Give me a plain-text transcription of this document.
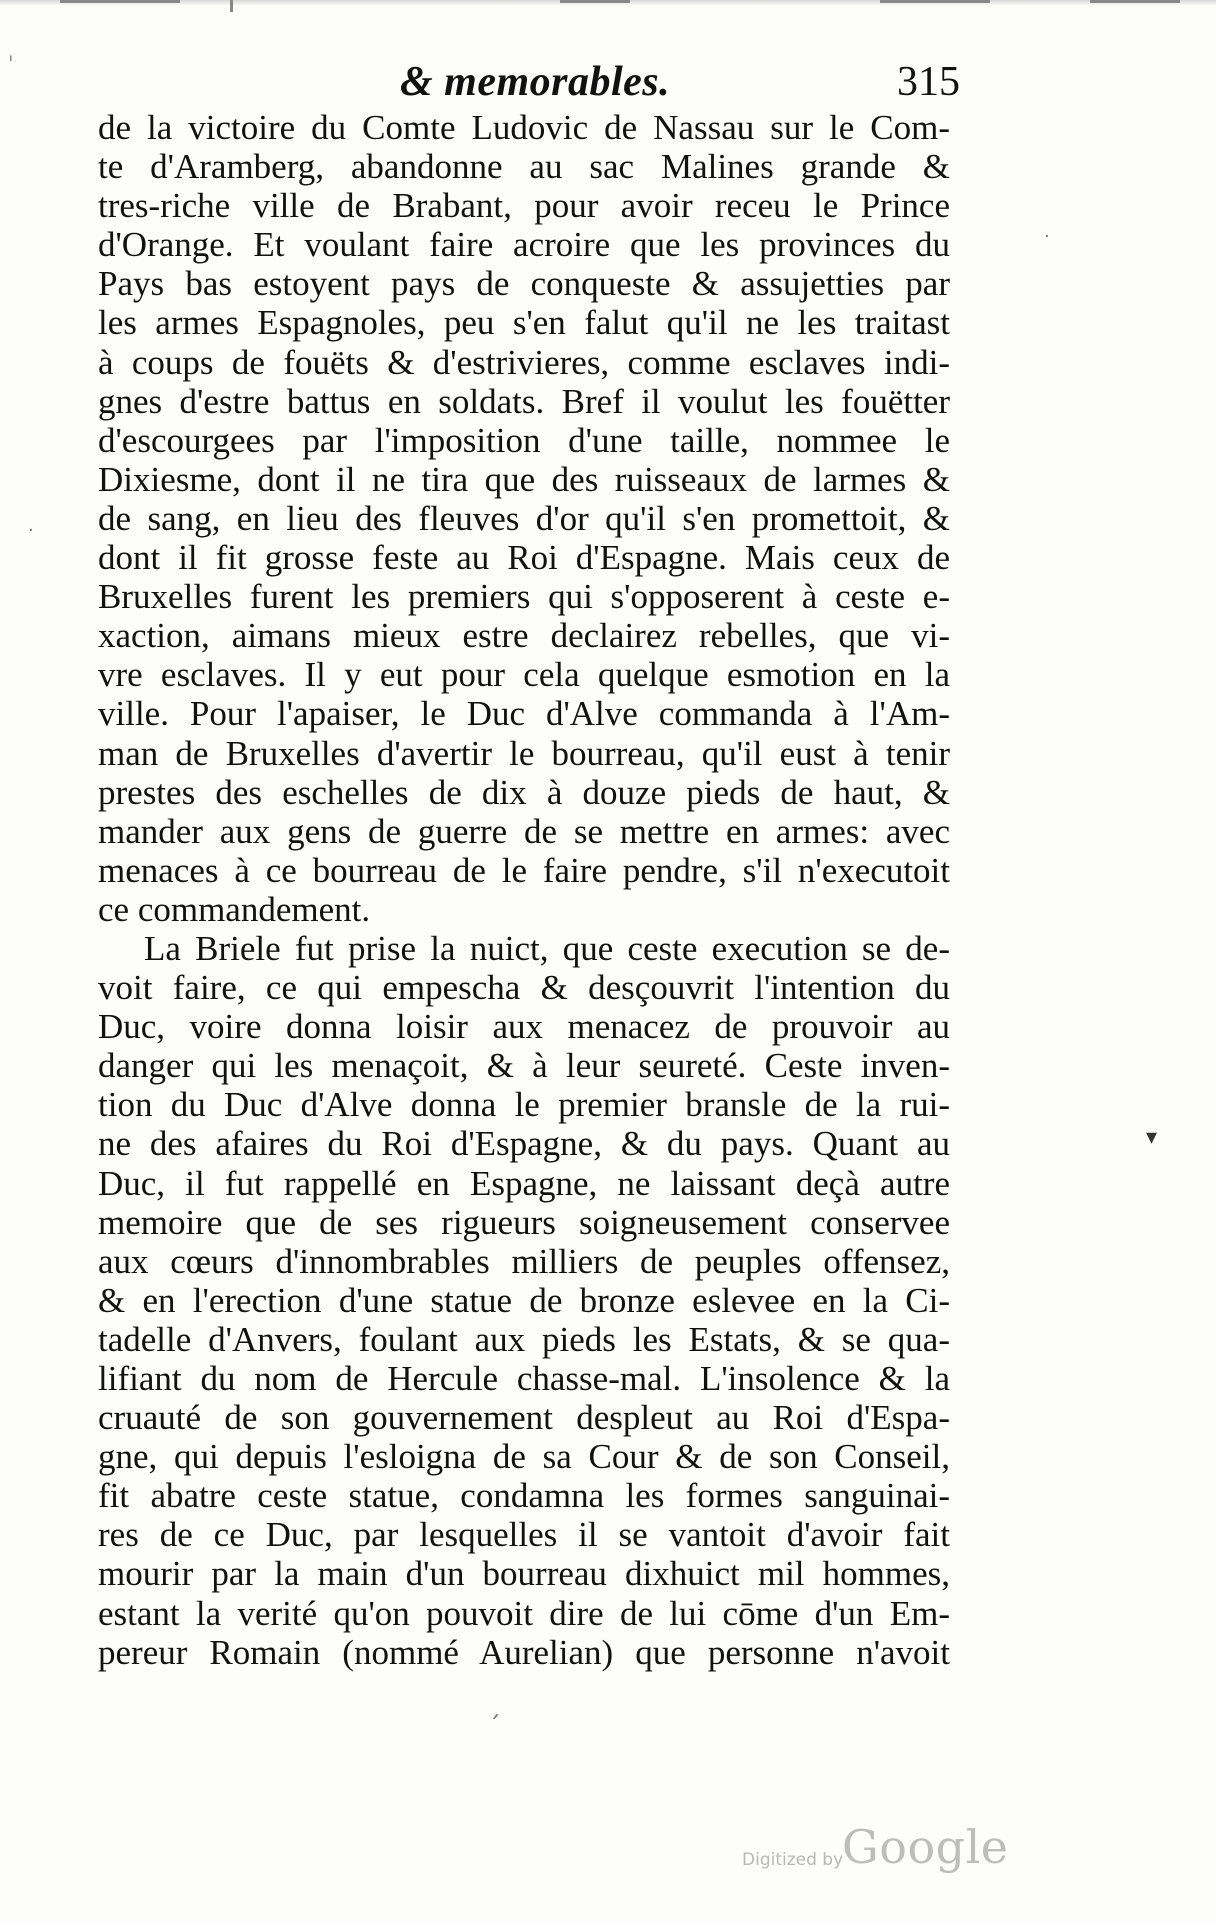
& memorables.	315
de la victoire du Comte Ludovic de Nassau sur le Com-
te d'Aramberg, abandonne au sac Malines grande &
tres-riche ville de Brabant, pour avoir receu le Prince
d'Orange. Et voulant faire acroire que les provinces du
Pays bas estoyent pays de conqueste & assujetties par
les armes Espagnoles, peu s'en falut qu'il ne les traitast
à coups de fouëts & d'estrivieres, comme esclaves indi-
gnes d'estre battus en soldats. Bref il voulut les fouëtter
d'escourgees par l'imposition d'une taille, nommee le
Dixiesme, dont il ne tira que des ruisseaux de larmes &
de sang, en lieu des fleuves d'or qu'il s'en promettoit, &
dont il fit grosse feste au Roi d'Espagne. Mais ceux de
Bruxelles furent les premiers qui s'opposerent à ceste e-
xaction, aimans mieux estre declairez rebelles, que vi-
vre esclaves. Il y eut pour cela quelque esmotion en la
ville. Pour l'apaiser, le Duc d'Alve commanda à l'Am-
man de Bruxelles d'avertir le bourreau, qu'il eust à tenir
prestes des eschelles de dix à douze pieds de haut, &
mander aux gens de guerre de se mettre en armes: avec
menaces à ce bourreau de le faire pendre, s'il n'executoit
ce commandement.
La Briele fut prise la nuict, que ceste execution se de-
voit faire, ce qui empescha & desçouvrit l'intention du
Duc, voire donna loisir aux menacez de prouvoir au
danger qui les menaçoit, & à leur seureté. Ceste inven-
tion du Duc d'Alve donna le premier bransle de la rui-
ne des afaires du Roi d'Espagne, & du pays. Quant au
Duc, il fut rappellé en Espagne, ne laissant deçà autre
memoire que de ses rigueurs soigneusement conservee
aux cœurs d'innombrables milliers de peuples offensez,
& en l'erection d'une statue de bronze eslevee en la Ci-
tadelle d'Anvers, foulant aux pieds les Estats, & se qua-
lifiant du nom de Hercule chasse-mal. L'insolence & la
cruauté de son gouvernement despleut au Roi d'Espa-
gne, qui depuis l'esloigna de sa Cour & de son Conseil,
fit abatre ceste statue, condamna les formes sanguinai-
res de ce Duc, par lesquelles il se vantoit d'avoir fait
mourir par la main d'un bourreau dixhuict mil hommes,
estant la verité qu'on pouvoit dire de lui cōme d'un Em-
pereur Romain (nommé Aurelian) que personne n'avoit
ˈ
·
·
▾
ˏ
Digitized by
Google
